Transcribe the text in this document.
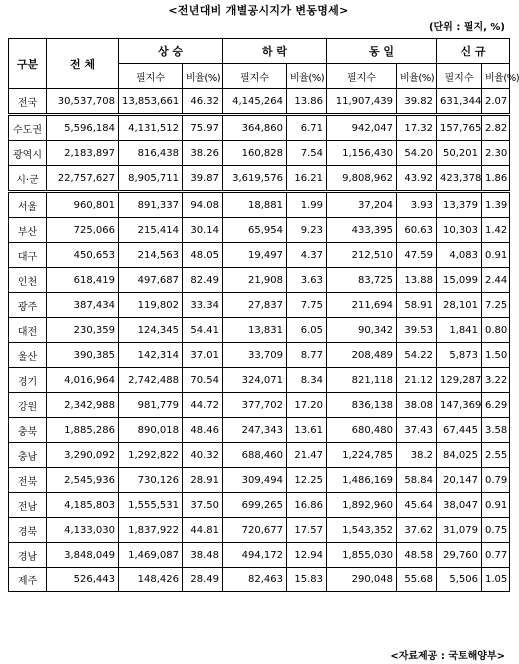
<전년대비 개별공시지가 변동명세>
(단위 : 필지, %)
구분	전 체	상 승		하 락		동 일		신 규	
		필지수	비율(%)	필지수	비율(%)	필지수	비율(%)	필지수	비율(%)
전국	30,537,708	13,853,661	46.32	4,145,264	13.86	11,907,439	39.82	631,344	2.07
수도권	5,596,184	4,131,512	75.97	364,860	6.71	942,047	17.32	157,765	2.82
광역시	2,183,897	816,438	38.26	160,828	7.54	1,156,430	54.20	50,201	2.30
시·군	22,757,627	8,905,711	39.87	3,619,576	16.21	9,808,962	43.92	423,378	1.86
서울	960,801	891,337	94.08	18,881	1.99	37,204	3.93	13,379	1.39
부산	725,066	215,414	30.14	65,954	9.23	433,395	60.63	10,303	1.42
대구	450,653	214,563	48.05	19,497	4.37	212,510	47.59	4,083	0.91
인천	618,419	497,687	82.49	21,908	3.63	83,725	13.88	15,099	2.44
광주	387,434	119,802	33.34	27,837	7.75	211,694	58.91	28,101	7.25
대전	230,359	124,345	54.41	13,831	6.05	90,342	39.53	1,841	0.80
울산	390,385	142,314	37.01	33,709	8.77	208,489	54.22	5,873	1.50
경기	4,016,964	2,742,488	70.54	324,071	8.34	821,118	21.12	129,287	3.22
강원	2,342,988	981,779	44.72	377,702	17.20	836,138	38.08	147,369	6.29
충북	1,885,286	890,018	48.46	247,343	13.61	680,480	37.43	67,445	3.58
충남	3,290,092	1,292,822	40.32	688,460	21.47	1,224,785	38.2	84,025	2.55
전북	2,545,936	730,126	28.91	309,494	12.25	1,486,169	58.84	20,147	0.79
전남	4,185,803	1,555,531	37.50	699,265	16.86	1,892,960	45.64	38,047	0.91
경북	4,133,030	1,837,922	44.81	720,677	17.57	1,543,352	37.62	31,079	0.75
경남	3,848,049	1,469,087	38.48	494,172	12.94	1,855,030	48.58	29,760	0.77
제주	526,443	148,426	28.49	82,463	15.83	290,048	55.68	5,506	1.05
<자료제공 : 국토해양부>
